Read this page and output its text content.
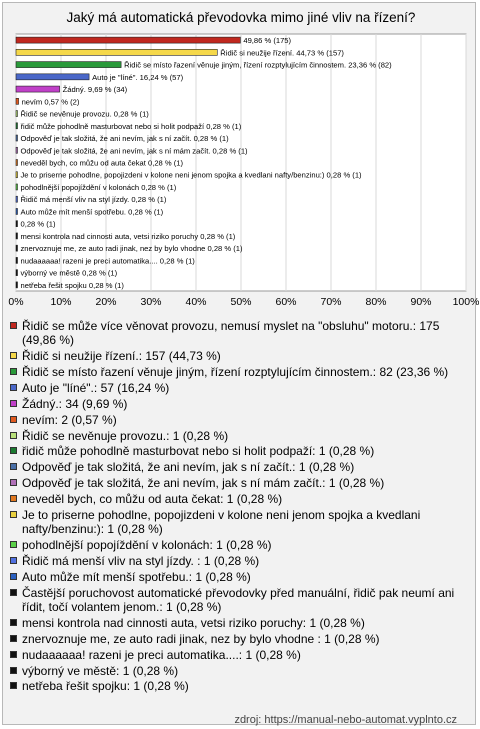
Jaký má automatická převodovka mimo jiné vliv na řízení?
0%	10% 20% 30% 40% 50% 60% 70% 80% 90% 100%
49,86 % (175)
Řidič si neužije řízení. 44,73 % (157)
Řidič se místo řazení věnuje jiným, řízení rozptylujícím činnostem. 23,36 % (82)
Auto je "líné". 16,24 % (57)
Žádný. 9,69 % (34)
nevím 0,57 % (2)
Řidič se nevěnuje provozu. 0,28 % (1)
řidič může pohodlně masturbovat nebo si holit podpaží 0,28 % (1)
Odpověď je tak složitá, že ani nevím, jak s ní začít. 0,28 % (1)
Odpověď je tak složitá, že ani nevím, jak s ní mám začít. 0,28 % (1)
neveděl bych, co můžu od auta čekat 0,28 % (1)
Je to priserne pohodlne, popojizdeni v kolone neni jenom spojka a kvedlani nafty/benzinu:) 0,28 % (1)
pohodlnější popojíždění v kolonách 0,28 % (1)
Řidič má menší vliv na styl jízdy. 0,28 % (1)
Auto může mít menší spotřebu. 0,28 % (1)
0,28 % (1)
mensi kontrola nad cinnosti auta, vetsi riziko poruchy 0,28 % (1)
znervoznuje me, ze auto radi jinak, nez by bylo vhodne 0,28 % (1)
nudaaaaaa! razeni je preci automatika.... 0,28 % (1)
výborný ve městě 0,28 % (1)
netřeba řešit spojku 0,28 % (1)
Řidič se může více věnovat provozu, nemusí myslet na "obsluhu" motoru.: 175 (49,86 %)
Řidič si neužije řízení.: 157 (44,73 %)
Řidič se místo řazení věnuje jiným, řízení rozptylujícím činnostem.: 82 (23,36 %)
Auto je "líné".: 57 (16,24 %)
Žádný.: 34 (9,69 %)
nevím: 2 (0,57 %)
Řidič se nevěnuje provozu.: 1 (0,28 %)
řidič může pohodlně masturbovat nebo si holit podpaží: 1 (0,28 %)
Odpověď je tak složitá, že ani nevím, jak s ní začít.: 1 (0,28 %)
Odpověď je tak složitá, že ani nevím, jak s ní mám začít.: 1 (0,28 %)
neveděl bych, co můžu od auta čekat: 1 (0,28 %)
Je to priserne pohodlne, popojizdeni v kolone neni jenom spojka a kvedlani nafty/benzinu:): 1 (0,28 %)
pohodlnější popojíždění v kolonách: 1 (0,28 %)
Řidič má menší vliv na styl jízdy. : 1 (0,28 %)
Auto může mít menší spotřebu.: 1 (0,28 %)
Častější poruchovost automatické převodovky před manuální, řidič pak neumí ani řídit, točí volantem jenom.: 1 (0,28 %)
mensi kontrola nad cinnosti auta, vetsi riziko poruchy: 1 (0,28 %)
znervoznuje me, ze auto radi jinak, nez by bylo vhodne : 1 (0,28 %)
nudaaaaaa! razeni je preci automatika....: 1 (0,28 %)
výborný ve městě: 1 (0,28 %)
netřeba řešit spojku: 1 (0,28 %)
zdroj: https://manual-nebo-automat.vyplnto.cz
